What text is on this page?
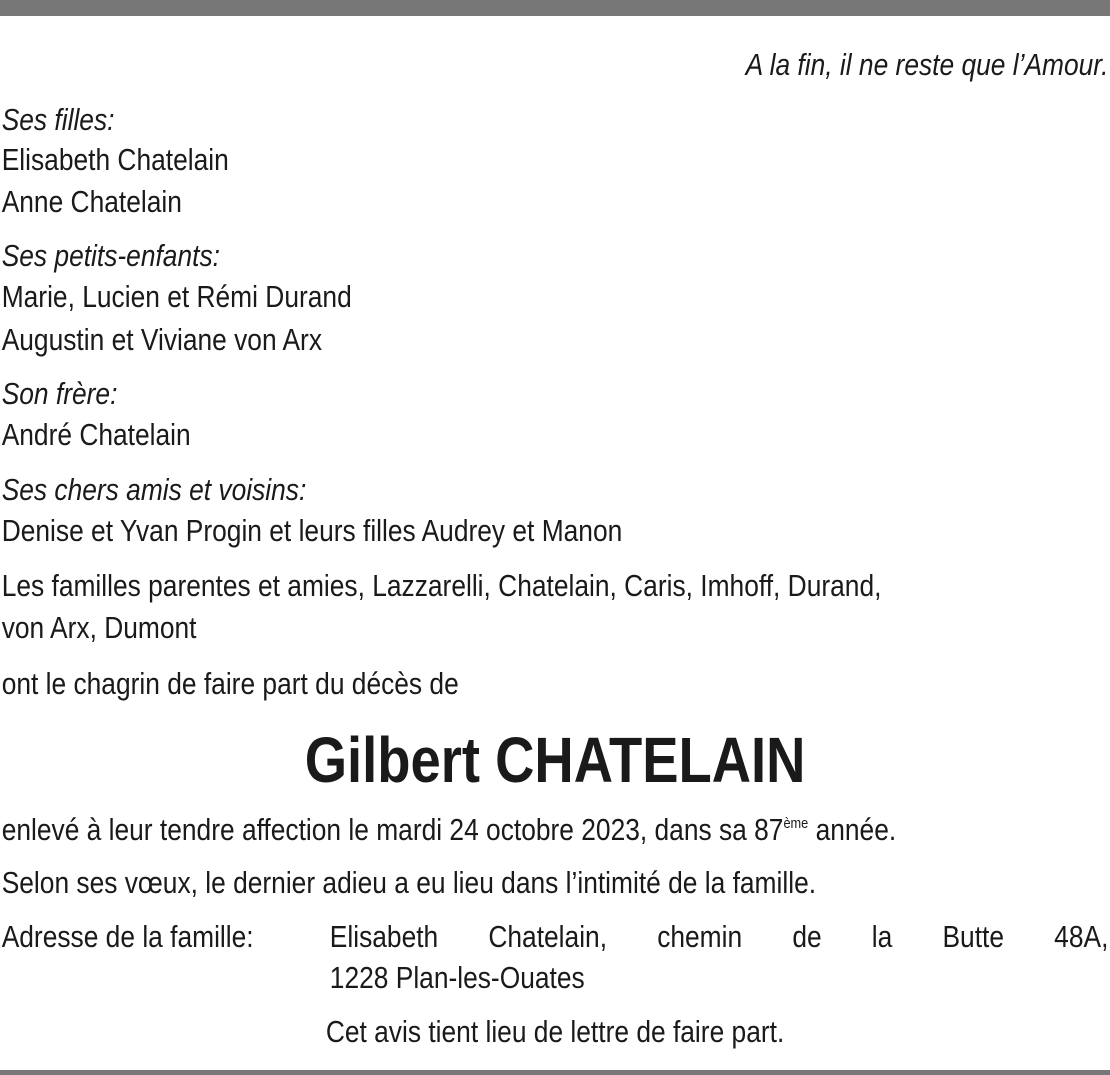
A la fin, il ne reste que l’Amour.
Ses filles:
Elisabeth Chatelain
Anne Chatelain
Ses petits-enfants:
Marie, Lucien et Rémi Durand
Augustin et Viviane von Arx
Son frère:
André Chatelain
Ses chers amis et voisins:
Denise et Yvan Progin et leurs filles Audrey et Manon
Les familles parentes et amies, Lazzarelli, Chatelain, Caris, Imhoff, Durand,
von Arx, Dumont
ont le chagrin de faire part du décès de
Gilbert CHATELAIN
enlevé à leur tendre affection le mardi 24 octobre 2023, dans sa 87ème année.
Selon ses vœux, le dernier adieu a eu lieu dans l’intimité de la famille.
Adresse de la famille: Elisabeth Chatelain, chemin de la Butte 48A,
1228 Plan-les-Ouates
Cet avis tient lieu de lettre de faire part.
